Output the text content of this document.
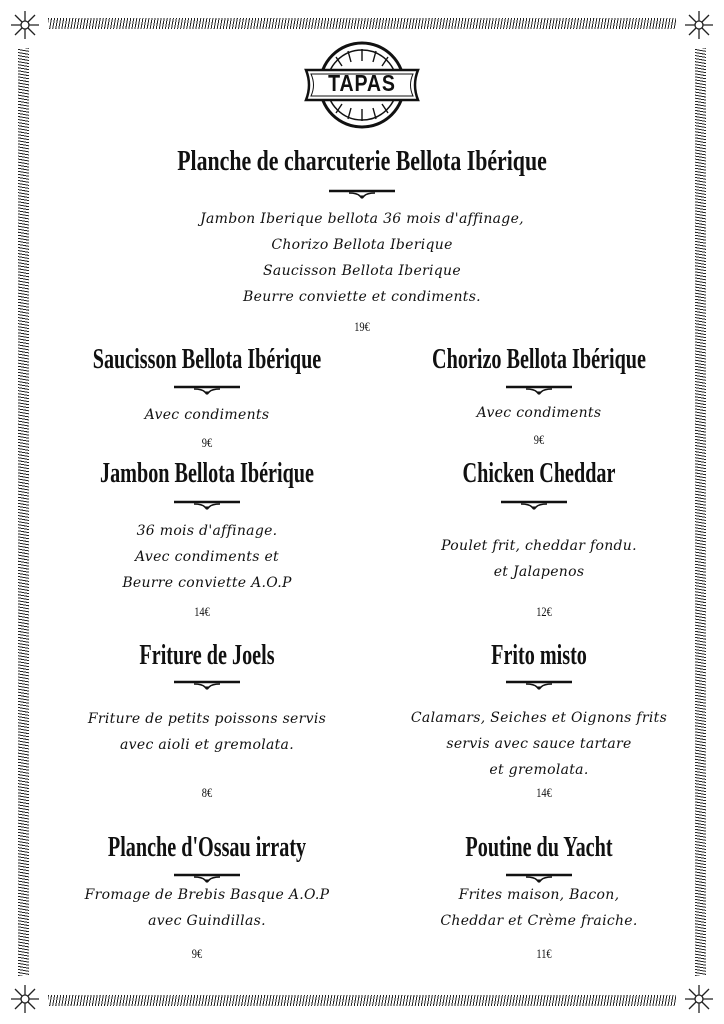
TAPAS
Planche de charcuterie Bellota Ibérique
Jambon Iberique bellota 36 mois d'affinage,
Chorizo Bellota Iberique
Saucisson Bellota Iberique
Beurre conviette et condiments.
19€
Saucisson Bellota Ibérique
Avec condiments
9€
Chorizo Bellota Ibérique
Avec condiments
9€
Jambon Bellota Ibérique
36 mois d'affinage.
Avec condiments et
Beurre conviette A.O.P
14€
Chicken Cheddar
Poulet frit, cheddar fondu.
et Jalapenos
12€
Friture de Joels
Friture de petits poissons servis
avec aioli et gremolata.
8€
Frito misto
Calamars, Seiches et Oignons frits
servis avec sauce tartare
et gremolata.
14€
Planche d'Ossau irraty
Fromage de Brebis Basque A.O.P
avec Guindillas.
9€
Poutine du Yacht
Frites maison, Bacon,
Cheddar et Crème fraiche.
11€
